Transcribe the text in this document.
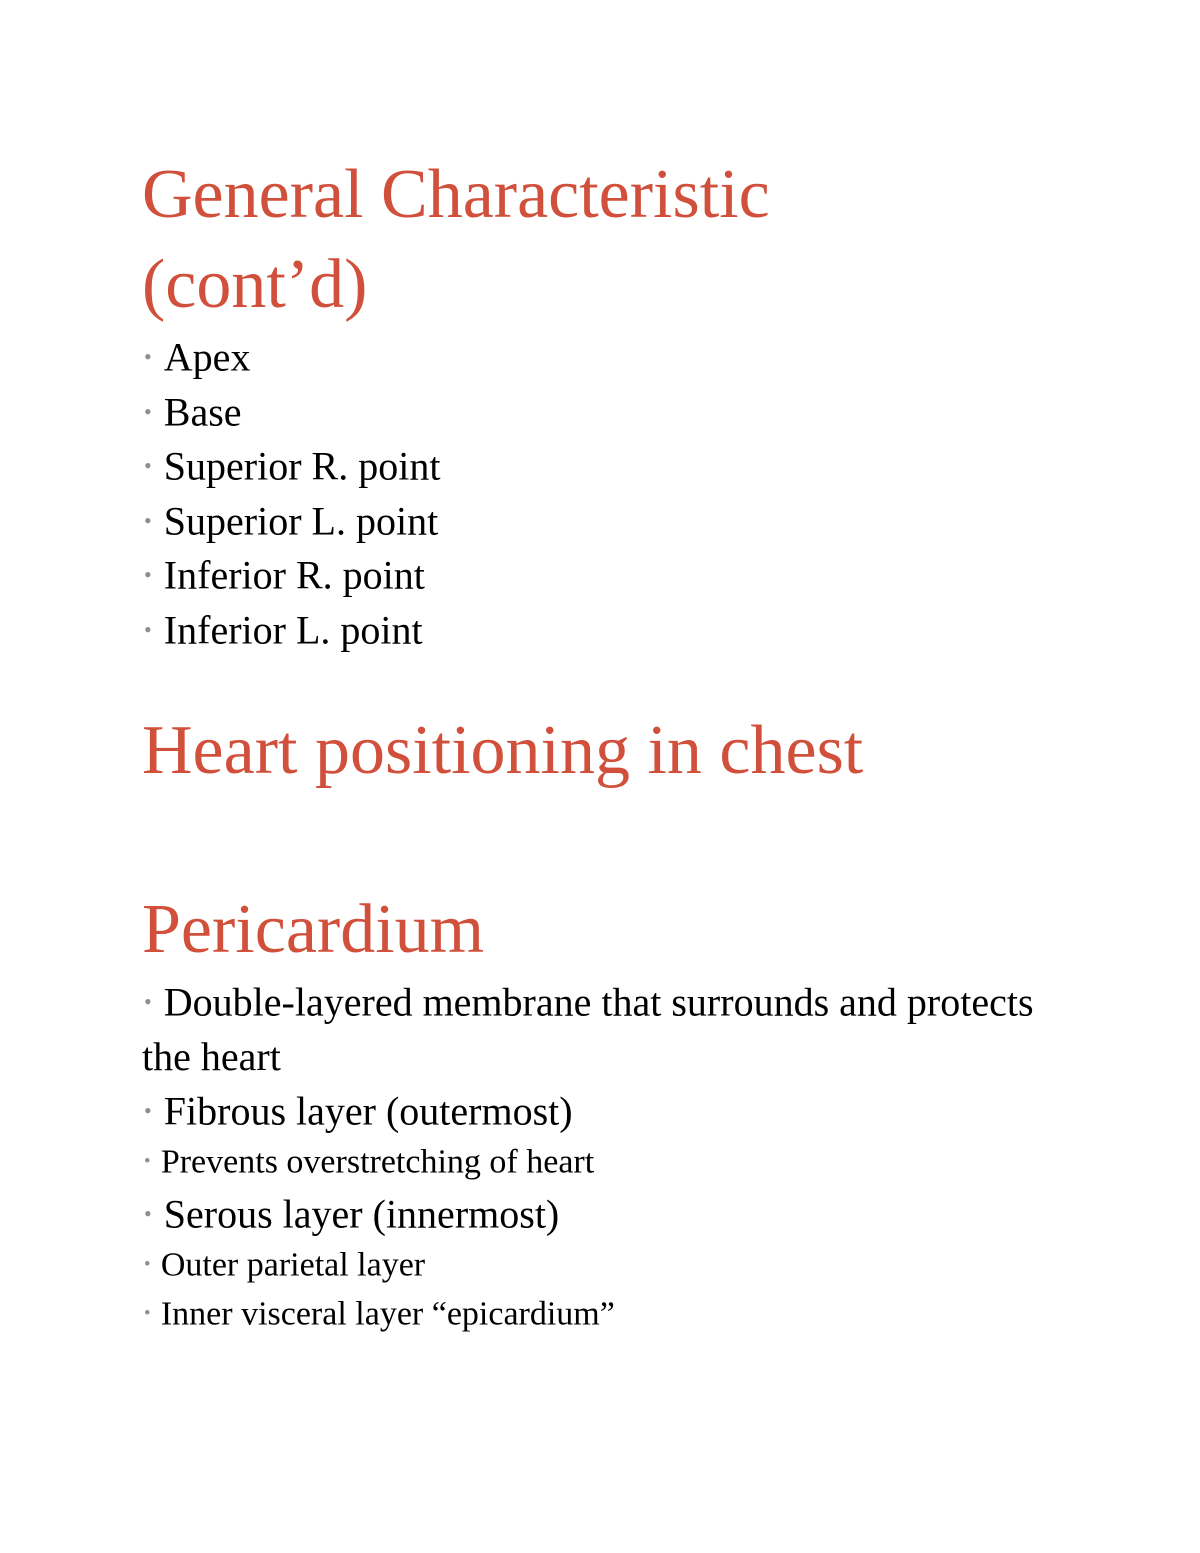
General Characteristic
(cont’d)
• Apex
• Base
• Superior R. point
• Superior L. point
• Inferior R. point
• Inferior L. point
Heart positioning in chest
Pericardium
• Double-layered membrane that surrounds and protects the heart
• Fibrous layer (outermost)
• Prevents overstretching of heart
• Serous layer (innermost)
• Outer parietal layer
• Inner visceral layer “epicardium”
